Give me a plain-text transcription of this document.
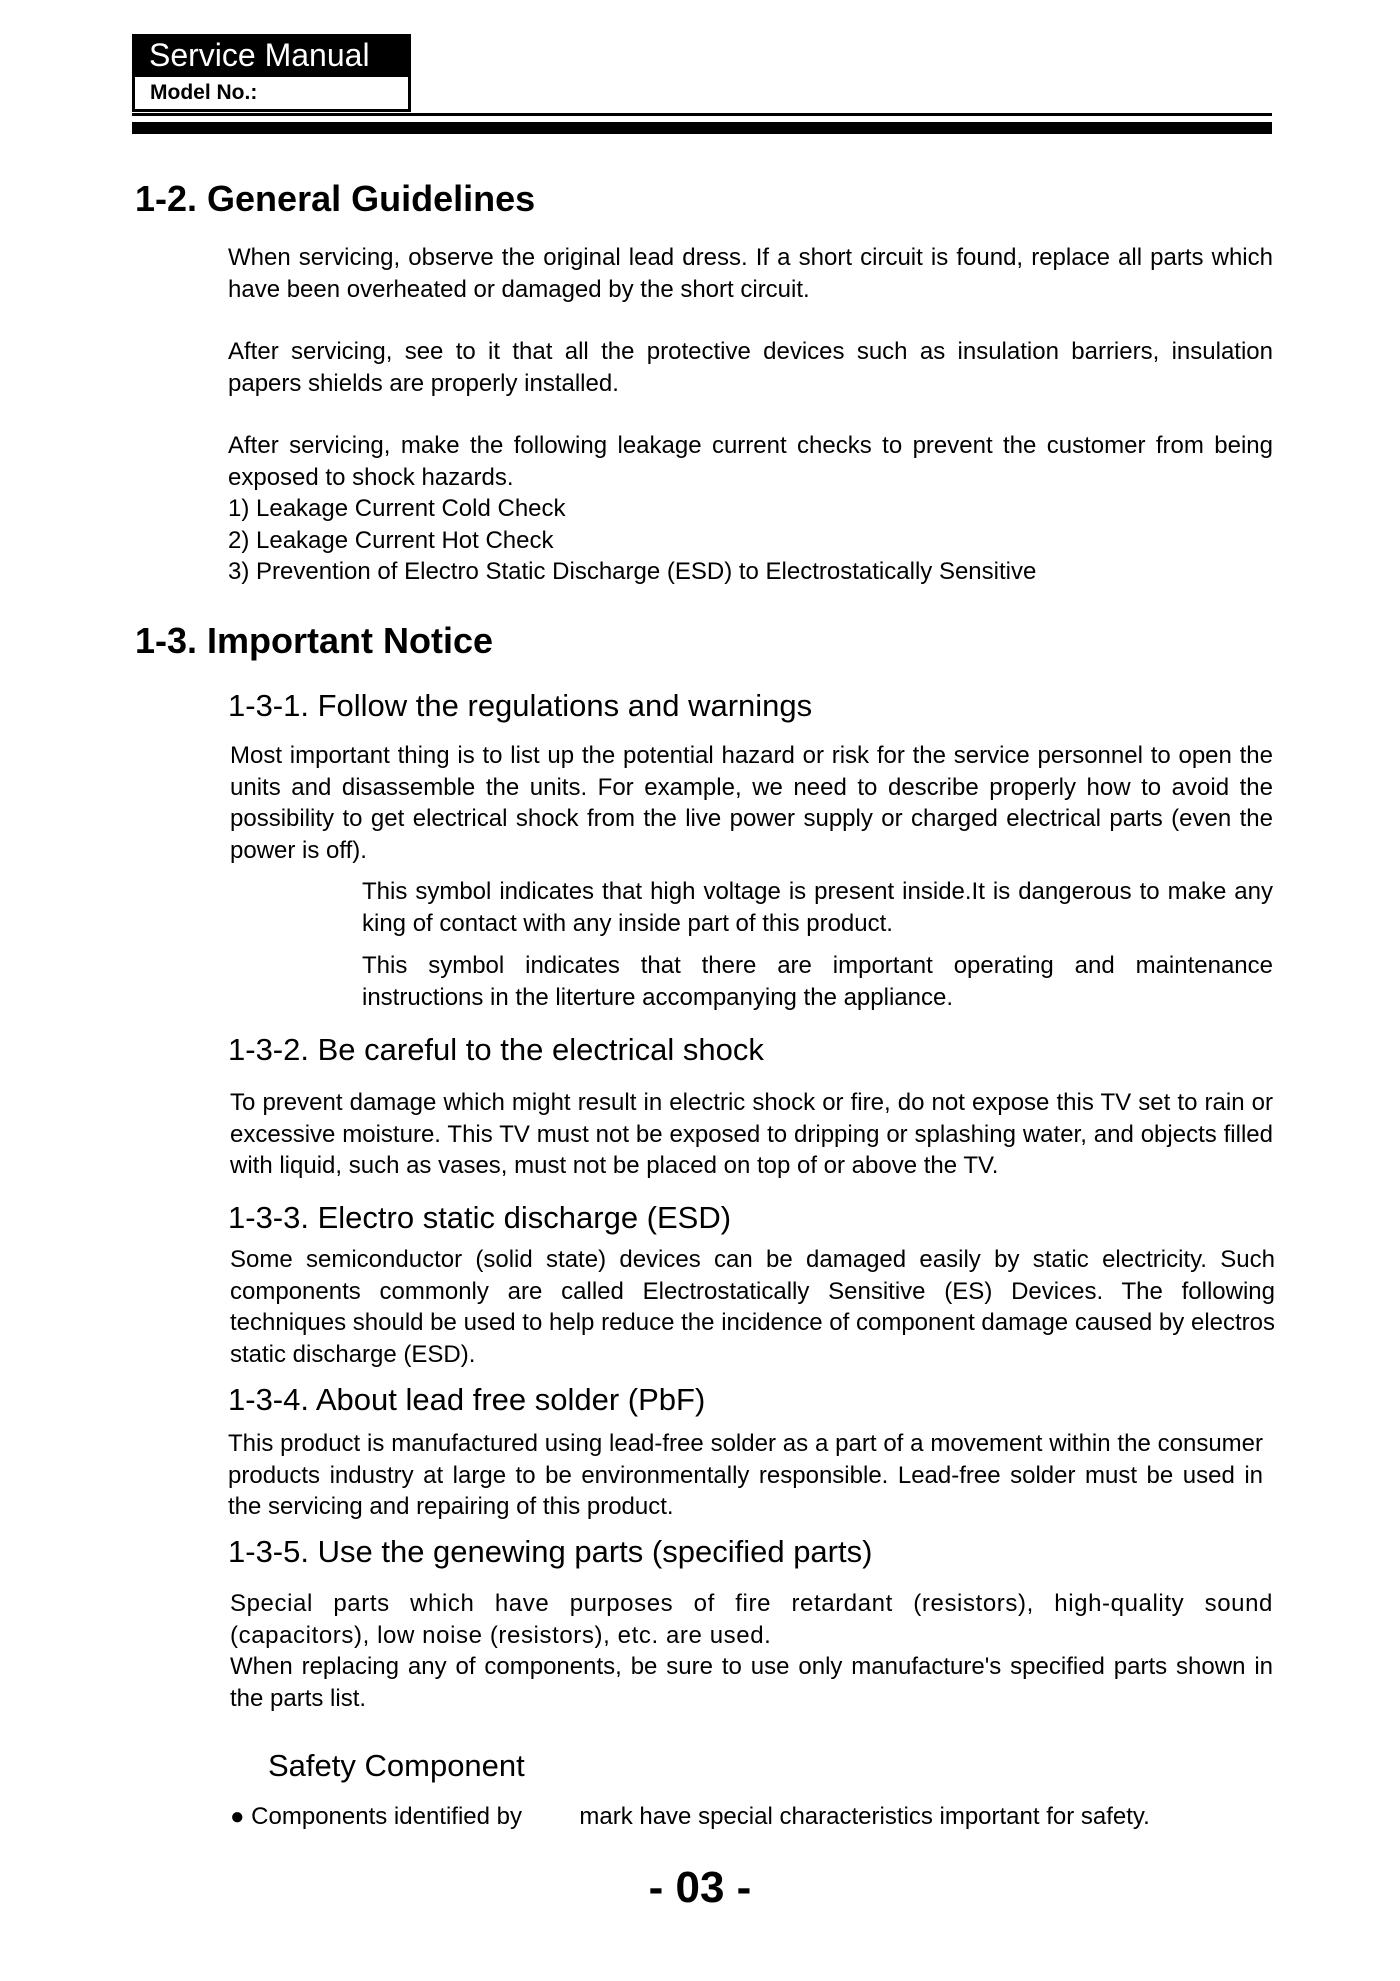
Service Manual
Model No.:
1-2. General Guidelines

When servicing, observe the original lead dress. If a short circuit is found, replace all parts which have been overheated or damaged by the short circuit.

After servicing, see to it that all the protective devices such as insulation barriers, insulation papers shields are properly installed.

After servicing, make the following leakage current checks to prevent the customer from being exposed to shock hazards.

1) Leakage Current Cold Check
2) Leakage Current Hot Check
3) Prevention of Electro Static Discharge (ESD) to Electrostatically Sensitive
1-3. Important Notice
1-3-1. Follow the regulations and warnings

Most important thing is to list up the potential hazard or risk for the service personnel to open the units and disassemble the units. For example, we need to describe properly how to avoid the possibility to get electrical shock from the live power supply or charged electrical parts (even the power is off).

This symbol indicates that high voltage is present inside.It is dangerous to make any king of contact with any inside part of this product.

This symbol indicates that there are important operating and maintenance instructions in the literture accompanying the appliance.

1-3-2. Be careful to the electrical shock

To prevent damage which might result in electric shock or fire, do not expose this TV set to rain or excessive moisture. This TV must not be exposed to dripping or splashing water, and objects filled with liquid, such as vases, must not be placed on top of or above the TV.

1-3-3. Electro static discharge (ESD)

Some semiconductor (solid state) devices can be damaged easily by static electricity. Such components commonly are called Electrostatically Sensitive (ES) Devices. The following techniques should be used to help reduce the incidence of component damage caused by electros static discharge (ESD).

1-3-4. About lead free solder (PbF)

This product is manufactured using lead-free solder as a part of a movement within the consumer products industry at large to be environmentally responsible. Lead-free solder must be used in the servicing and repairing of this product.

1-3-5. Use the genewing parts (specified parts)

Special parts which have purposes of fire retardant (resistors), high-quality sound (capacitors), low noise (resistors), etc. are used.

When replacing any of components, be sure to use only manufacture's specified parts shown in the parts list.

Safety Component
● Components identified by mark have special characteristics important for safety.
- 03 -
